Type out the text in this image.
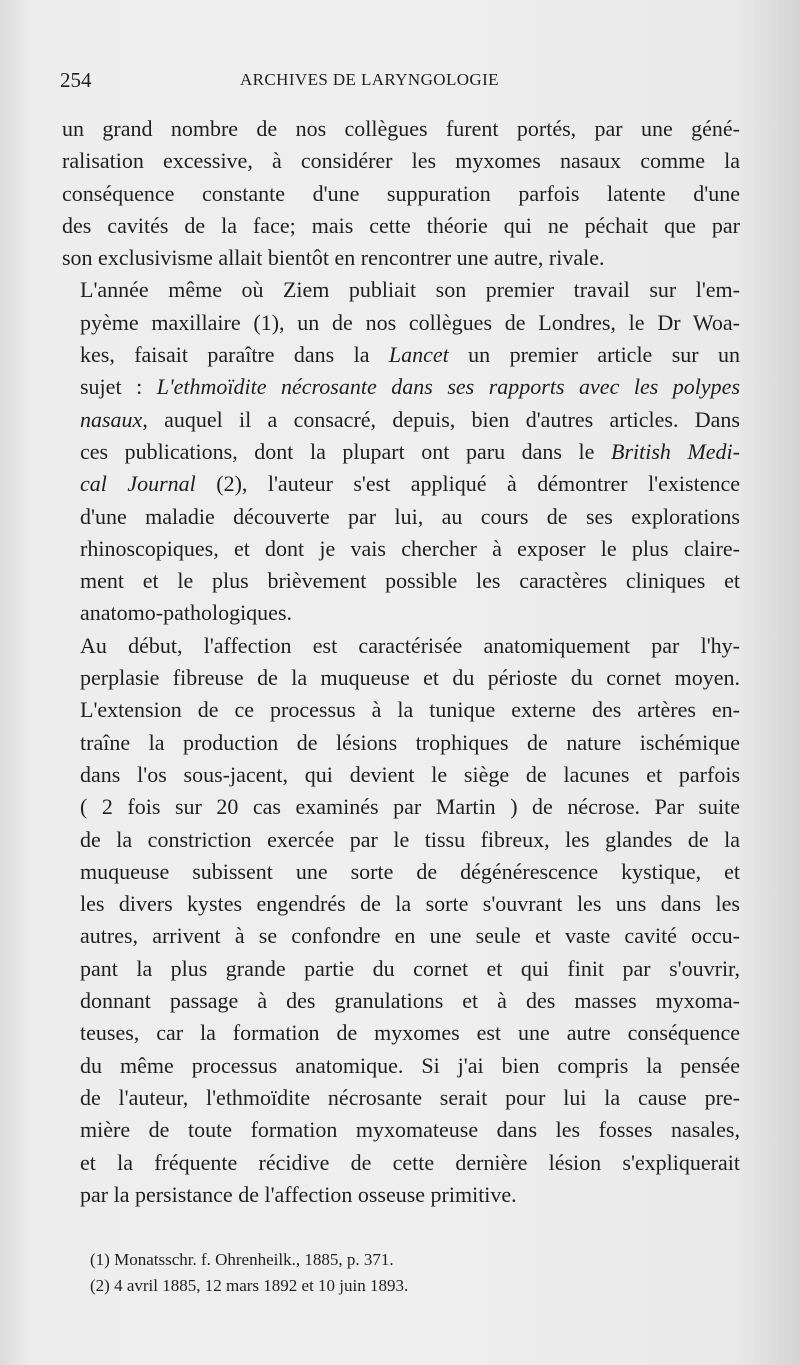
254	ARCHIVES DE LARYNGOLOGIE

un grand nombre de nos collègues furent portés, par une géné-
ralisation excessive, à considérer les myxomes nasaux comme la
conséquence constante d'une suppuration parfois latente d'une
des cavités de la face; mais cette théorie qui ne péchait que par
son exclusivisme allait bientôt en rencontrer une autre, rivale.

L'année même où Ziem publiait son premier travail sur l'em-
pyème maxillaire (1), un de nos collègues de Londres, le Dr Woa-
kes, faisait paraître dans la Lancet un premier article sur un
sujet : L'ethmoïdite nécrosante dans ses rapports avec les polypes
nasaux, auquel il a consacré, depuis, bien d'autres articles. Dans
ces publications, dont la plupart ont paru dans le British Medi-
cal Journal (2), l'auteur s'est appliqué à démontrer l'existence
d'une maladie découverte par lui, au cours de ses explorations
rhinoscopiques, et dont je vais chercher à exposer le plus claire-
ment et le plus brièvement possible les caractères cliniques et
anatomo-pathologiques.

Au début, l'affection est caractérisée anatomiquement par l'hy-
perplasie fibreuse de la muqueuse et du périoste du cornet moyen.
L'extension de ce processus à la tunique externe des artères en-
traîne la production de lésions trophiques de nature ischémique
dans l'os sous-jacent, qui devient le siège de lacunes et parfois
( 2 fois sur 20 cas examinés par Martin ) de nécrose. Par suite
de la constriction exercée par le tissu fibreux, les glandes de la
muqueuse subissent une sorte de dégénérescence kystique, et
les divers kystes engendrés de la sorte s'ouvrant les uns dans les
autres, arrivent à se confondre en une seule et vaste cavité occu-
pant la plus grande partie du cornet et qui finit par s'ouvrir,
donnant passage à des granulations et à des masses myxoma-
teuses, car la formation de myxomes est une autre conséquence
du même processus anatomique. Si j'ai bien compris la pensée
de l'auteur, l'ethmoïdite nécrosante serait pour lui la cause pre-
mière de toute formation myxomateuse dans les fosses nasales,
et la fréquente récidive de cette dernière lésion s'expliquerait
par la persistance de l'affection osseuse primitive.

(1) Monatsschr. f. Ohrenheilk., 1885, p. 371.
(2) 4 avril 1885, 12 mars 1892 et 10 juin 1893.
